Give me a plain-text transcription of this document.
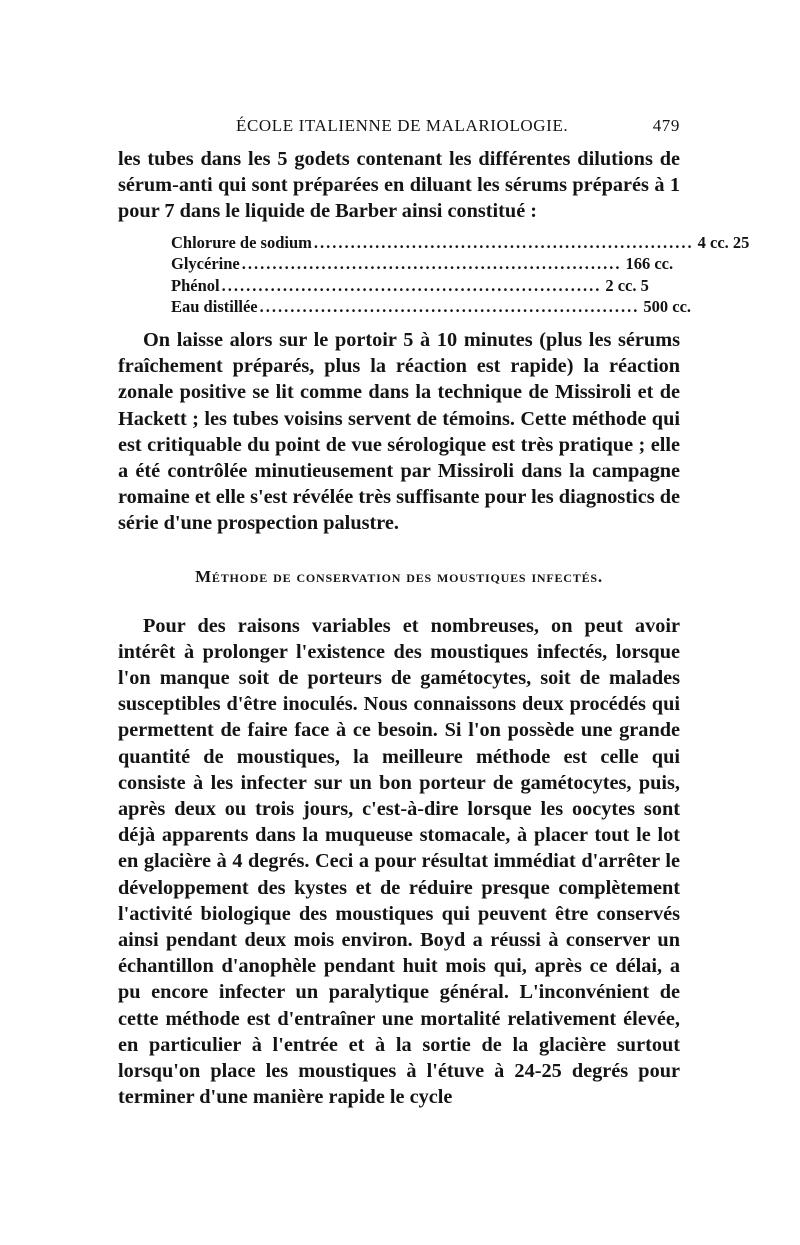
ÉCOLE ITALIENNE DE MALARIOLOGIE.	479

les tubes dans les 5 godets contenant les différentes dilutions de sérum-anti qui sont préparées en diluant les sérums préparés à 1 pour 7 dans le liquide de Barber ainsi constitué :

Chlorure de sodium .............................................................. 4 cc. 25
Glycérine .............................................................. 166 cc.
Phénol .............................................................. 2 cc. 5
Eau distillée .............................................................. 500 cc.

On laisse alors sur le portoir 5 à 10 minutes (plus les sérums fraîchement préparés, plus la réaction est rapide) la réaction zonale positive se lit comme dans la technique de Missiroli et de Hackett ; les tubes voisins servent de témoins. Cette méthode qui est critiquable du point de vue sérologique est très pratique ; elle a été contrôlée minutieusement par Missiroli dans la campagne romaine et elle s'est révélée très suffisante pour les diagnostics de série d'une prospection palustre.

Méthode de conservation des moustiques infectés.

Pour des raisons variables et nombreuses, on peut avoir intérêt à prolonger l'existence des moustiques infectés, lorsque l'on manque soit de porteurs de gamétocytes, soit de malades susceptibles d'être inoculés. Nous connaissons deux procédés qui permettent de faire face à ce besoin. Si l'on possède une grande quantité de moustiques, la meilleure méthode est celle qui consiste à les infecter sur un bon porteur de gamétocytes, puis, après deux ou trois jours, c'est-à-dire lorsque les oocytes sont déjà apparents dans la muqueuse stomacale, à placer tout le lot en glacière à 4 degrés. Ceci a pour résultat immédiat d'arrêter le développement des kystes et de réduire presque complètement l'activité biologique des moustiques qui peuvent être conservés ainsi pendant deux mois environ. Boyd a réussi à conserver un échantillon d'anophèle pendant huit mois qui, après ce délai, a pu encore infecter un paralytique général. L'inconvénient de cette méthode est d'entraîner une mortalité relativement élevée, en particulier à l'entrée et à la sortie de la glacière surtout lorsqu'on place les moustiques à l'étuve à 24-25 degrés pour terminer d'une manière rapide le cycle
